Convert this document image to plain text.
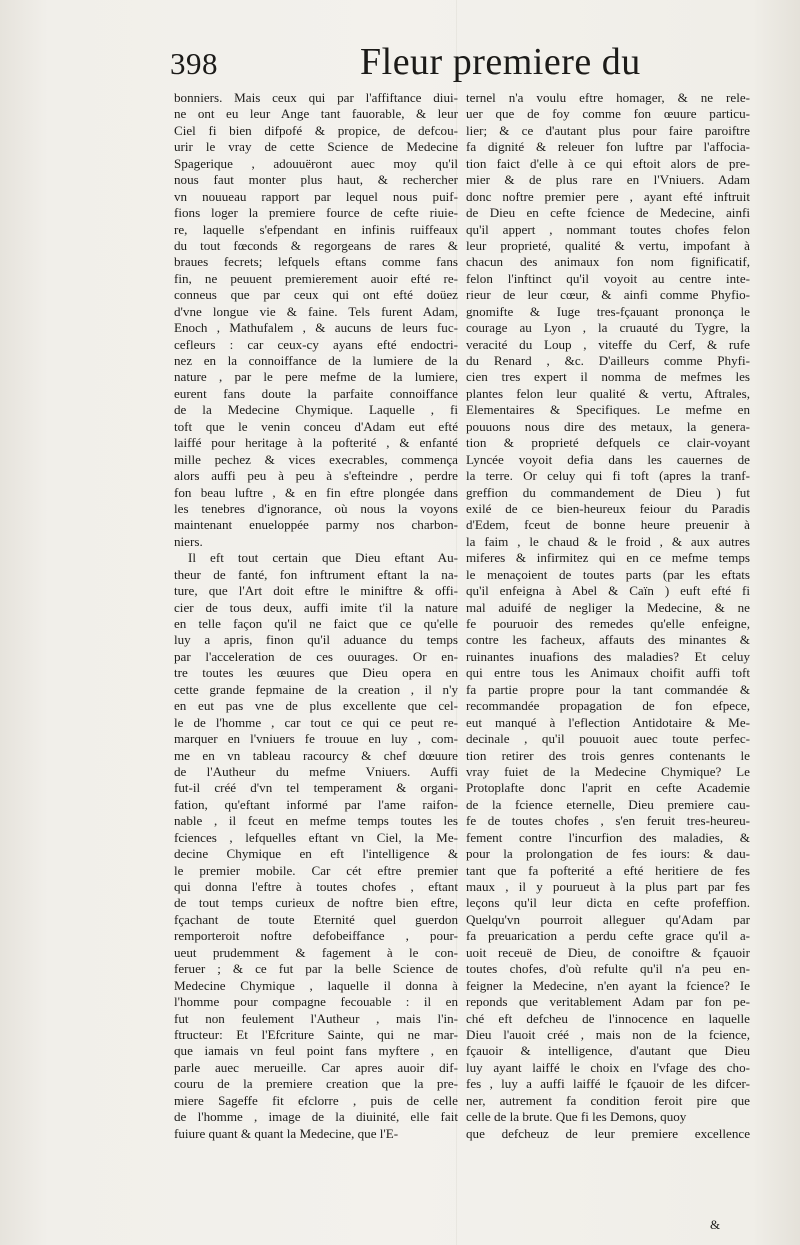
398	Fleur premiere du
bonniers. Mais ceux qui par l'affiftance diui-
ne ont eu leur Ange tant fauorable, & leur
Ciel fi bien difpofé & propice, de defcou-
urir le vray de cette Science de Medecine
Spagerique , adouuëront auec moy qu'il
nous faut monter plus haut, & rechercher
vn nouueau rapport par lequel nous puif-
fions loger la premiere fource de cefte riuie-
re, laquelle s'efpendant en infinis ruiffeaux
du tout fœconds & regorgeans de rares &
braues fecrets; lefquels eftans comme fans
fin, ne peuuent premierement auoir efté re-
conneus que par ceux qui ont efté doüez
d'vne longue vie & faine. Tels furent Adam,
Enoch , Mathufalem , & aucuns de leurs fuc-
cefleurs : car ceux-cy ayans efté endoctri-
nez en la connoiffance de la lumiere de la
nature , par le pere mefme de la lumiere,
eurent fans doute la parfaite connoiffance
de la Medecine Chymique. Laquelle , fi
toft que le venin conceu d'Adam eut efté
laiffé pour heritage à la pofterité , & enfanté
mille pechez & vices execrables, commença
alors auffi peu à peu à s'efteindre , perdre
fon beau luftre , & en fin eftre plongée dans
les tenebres d'ignorance, où nous la voyons
maintenant enueloppée parmy nos charbon-
niers.
Il eft tout certain que Dieu eftant Au-
theur de fanté, fon inftrument eftant la na-
ture, que l'Art doit eftre le miniftre & offi-
cier de tous deux, auffi imite t'il la nature
en telle façon qu'il ne faict que ce qu'elle
luy a apris, finon qu'il aduance du temps
par l'acceleration de ces ouurages. Or en-
tre toutes les œuures que Dieu opera en
cette grande fepmaine de la creation , il n'y
en eut pas vne de plus excellente que cel-
le de l'homme , car tout ce qui ce peut re-
marquer en l'vniuers fe trouue en luy , com-
me en vn tableau racourcy & chef dœuure
de l'Autheur du mefme Vniuers. Auffi
fut-il créé d'vn tel temperament & organi-
fation, qu'eftant informé par l'ame raifon-
nable , il fceut en mefme temps toutes les
fciences , lefquelles eftant vn Ciel, la Me-
decine Chymique en eft l'intelligence &
le premier mobile. Car cét eftre premier
qui donna l'eftre à toutes chofes , eftant
de tout temps curieux de noftre bien eftre,
fçachant de toute Eternité quel guerdon
remporteroit noftre defobeiffance , pour-
ueut prudemment & fagement à le con-
feruer ; & ce fut par la belle Science de
Medecine Chymique , laquelle il donna à
l'homme pour compagne fecouable : il en
fut non feulement l'Autheur , mais l'in-
ftructeur: Et l'Efcriture Sainte, qui ne mar-
que iamais vn feul point fans myftere , en
parle auec merueille. Car apres auoir dif-
couru de la premiere creation que la pre-
miere Sageffe fit efclorre , puis de celle
de l'homme , image de la diuinité, elle fait
fuiure quant & quant la Medecine, que l'E-
ternel n'a voulu eftre homager, & ne rele-
uer que de foy comme fon œuure particu-
lier; & ce d'autant plus pour faire paroiftre
fa dignité & releuer fon luftre par l'affocia-
tion faict d'elle à ce qui eftoit alors de pre-
mier & de plus rare en l'Vniuers. Adam
donc noftre premier pere , ayant efté inftruit
de Dieu en cefte fcience de Medecine, ainfi
qu'il appert , nommant toutes chofes felon
leur proprieté, qualité & vertu, impofant à
chacun des animaux fon nom fignificatif,
felon l'inftinct qu'il voyoit au centre inte-
rieur de leur cœur, & ainfi comme Phyfio-
gnomifte & Iuge tres-fçauant prononça le
courage au Lyon , la cruauté du Tygre, la
veracité du Loup , viteffe du Cerf, & rufe
du Renard , &c. D'ailleurs comme Phyfi-
cien tres expert il nomma de mefmes les
plantes felon leur qualité & vertu, Aftrales,
Elementaires & Specifiques. Le mefme en
pouuons nous dire des metaux, la genera-
tion & proprieté defquels ce clair-voyant
Lyncée voyoit defia dans les cauernes de
la terre. Or celuy qui fi toft (apres la tranf-
greffion du commandement de Dieu ) fut
exilé de ce bien-heureux feiour du Paradis
d'Edem, fceut de bonne heure preuenir à
la faim , le chaud & le froid , & aux autres
miferes & infirmitez qui en ce mefme temps
le menaçoient de toutes parts (par les eftats
qu'il enfeigna à Abel & Caïn ) euft efté fi
mal aduifé de negliger la Medecine, & ne
fe pouruoir des remedes qu'elle enfeigne,
contre les facheux, affauts des minantes &
ruinantes inuafions des maladies? Et celuy
qui entre tous les Animaux choifit auffi toft
fa partie propre pour la tant commandée &
recommandée propagation de fon efpece,
eut manqué à l'eflection Antidotaire & Me-
decinale , qu'il pouuoit auec toute perfec-
tion retirer des trois genres contenants le
vray fuiet de la Medecine Chymique? Le
Protoplafte donc l'aprit en cefte Academie
de la fcience eternelle, Dieu premiere cau-
fe de toutes chofes , s'en feruit tres-heureu-
fement contre l'incurfion des maladies, &
pour la prolongation de fes iours: & dau-
tant que fa pofterité a efté heritiere de fes
maux , il y pourueut à la plus part par fes
leçons qu'il leur dicta en cefte profeffion.
Quelqu'vn pourroit alleguer qu'Adam par
fa preuarication a perdu cefte grace qu'il a-
uoit receuë de Dieu, de conoiftre & fçauoir
toutes chofes, d'où refulte qu'il n'a peu en-
feigner la Medecine, n'en ayant la fcience? Ie
reponds que veritablement Adam par fon pe-
ché eft defcheu de l'innocence en laquelle
Dieu l'auoit créé , mais non de la fcience,
fçauoir & intelligence, d'autant que Dieu
luy ayant laiffé le choix en l'vfage des cho-
fes , luy a auffi laiffé le fçauoir de les difcer-
ner, autrement fa condition feroit pire que
celle de la brute. Que fi les Demons, quoy
que defcheuz de leur premiere excellence
&
